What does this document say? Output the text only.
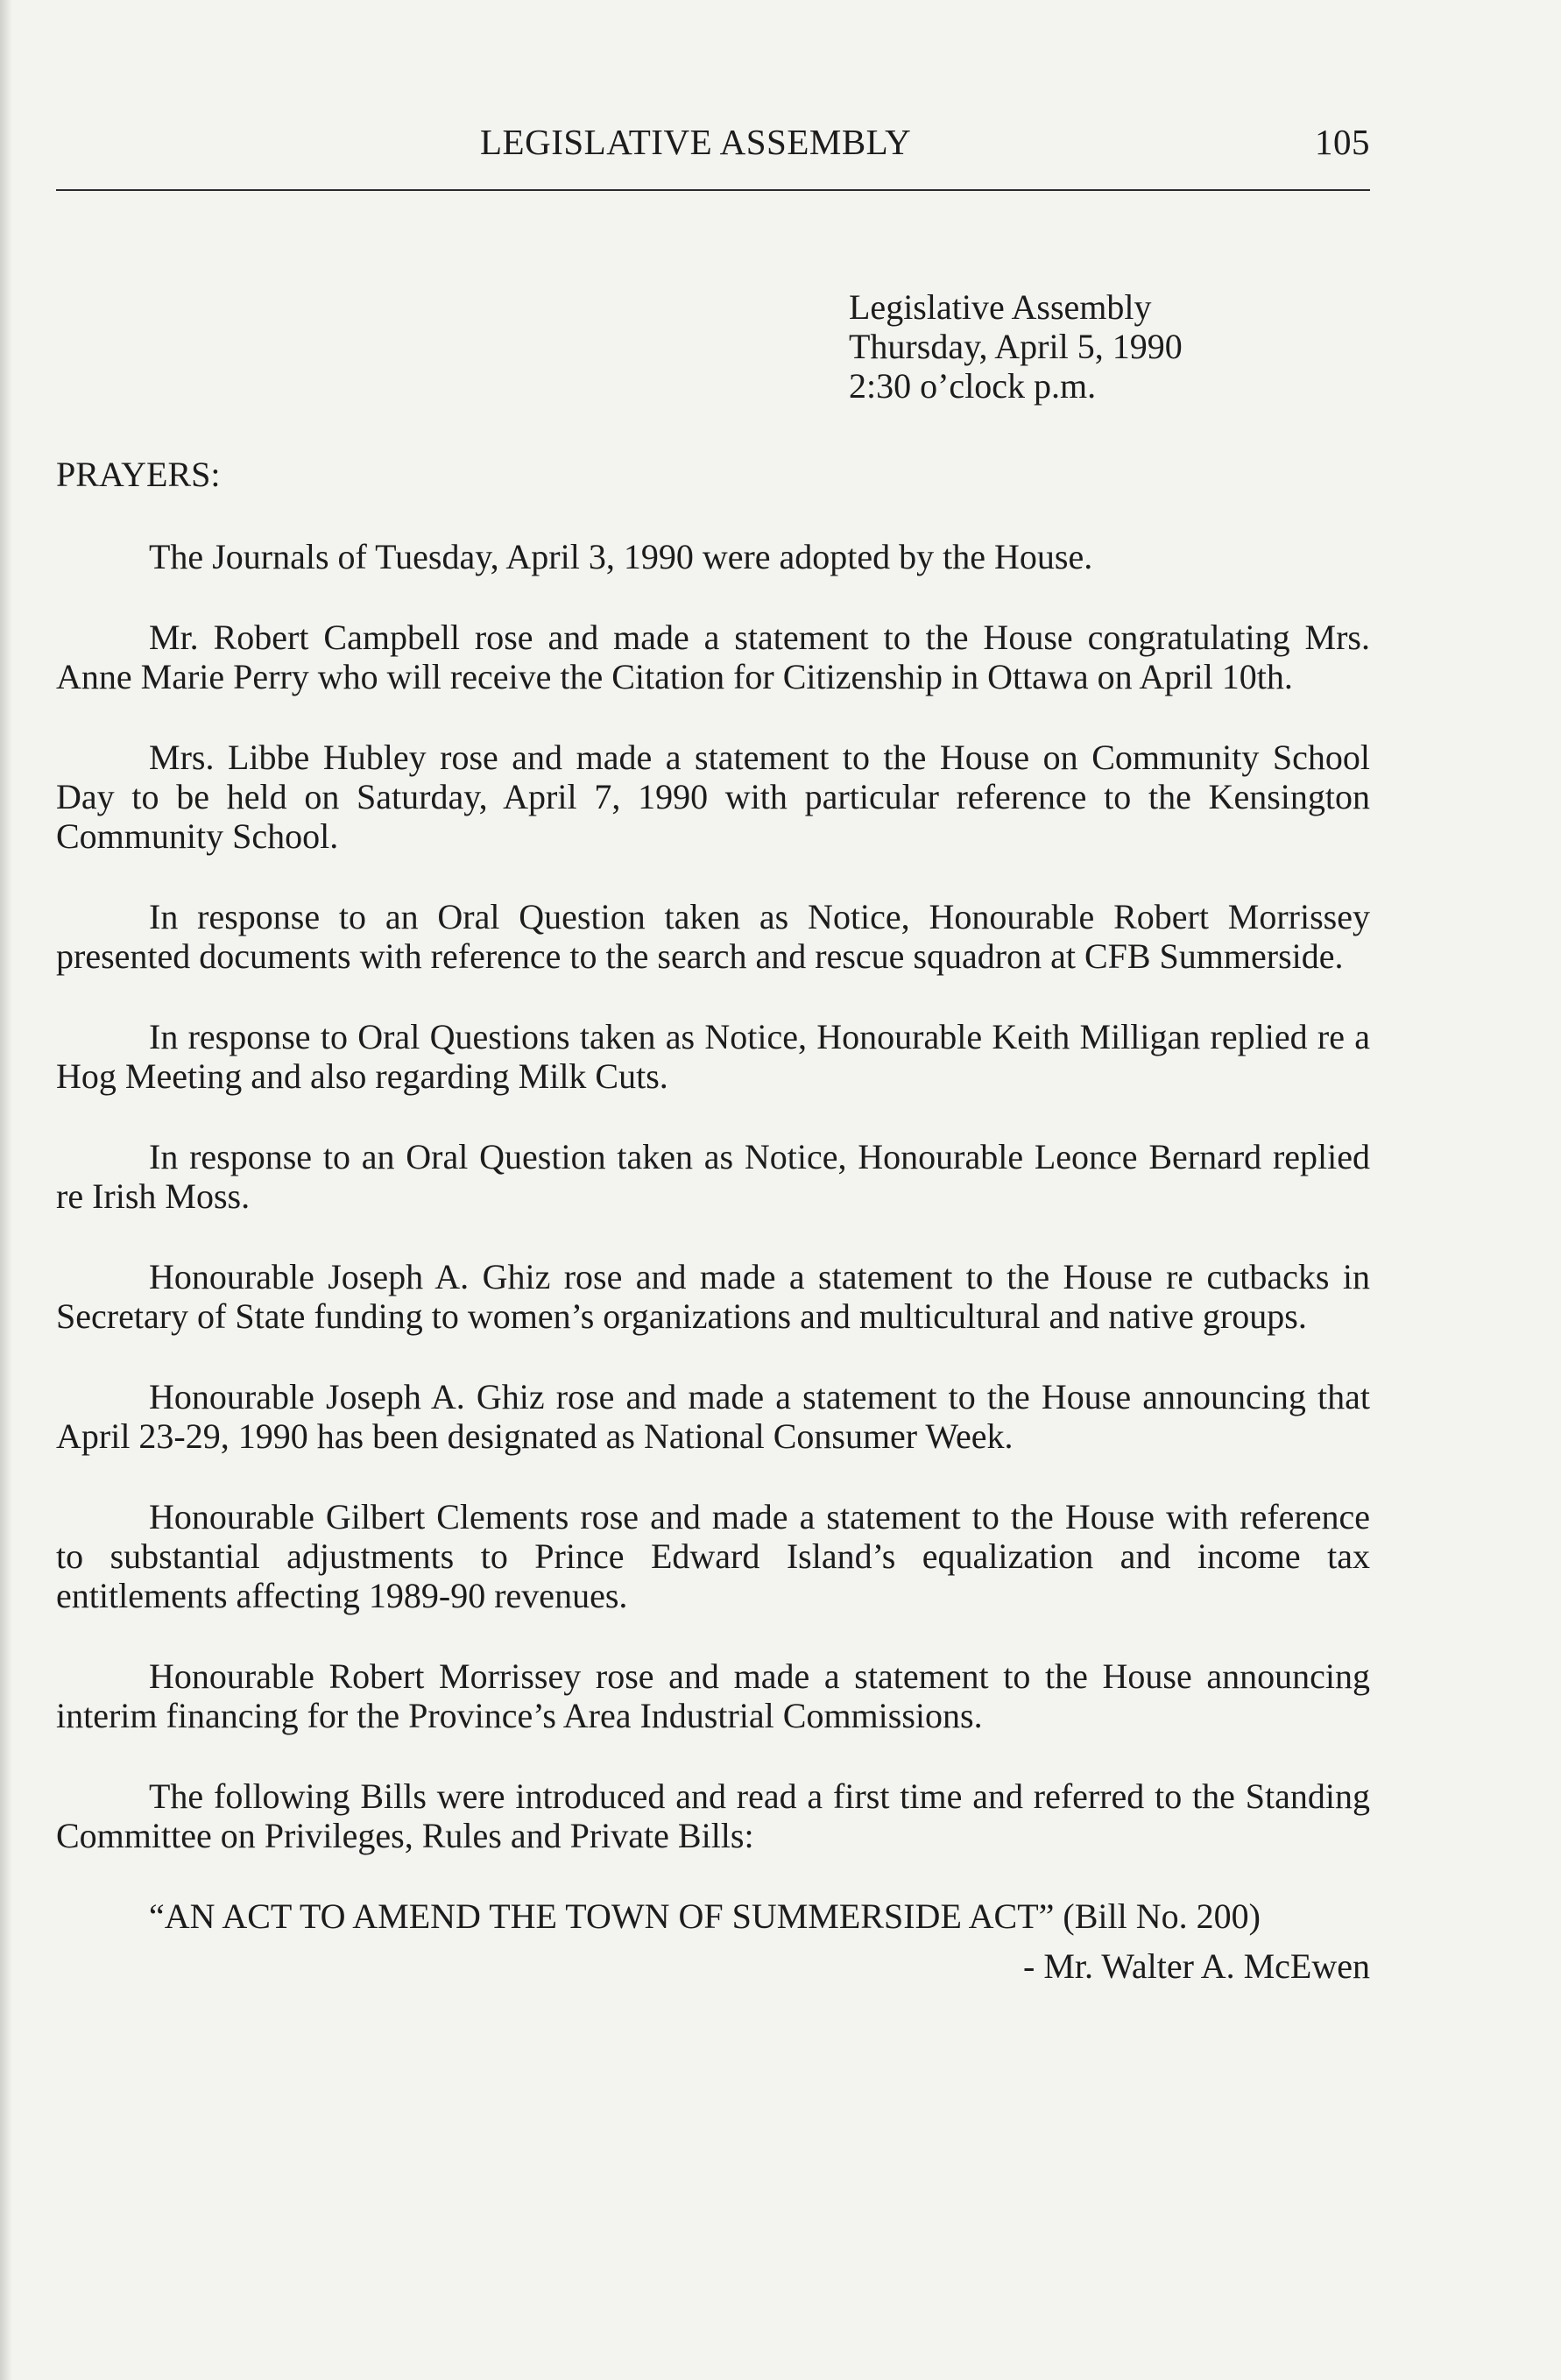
LEGISLATIVE ASSEMBLY	105
Legislative Assembly
Thursday, April 5, 1990
2:30 o’clock p.m.
PRAYERS:

The Journals of Tuesday, April 3, 1990 were adopted by the House.

Mr. Robert Campbell rose and made a statement to the House congratulating Mrs. Anne Marie Perry who will receive the Citation for Citizenship in Ottawa on April 10th.

Mrs. Libbe Hubley rose and made a statement to the House on Community School Day to be held on Saturday, April 7, 1990 with particular reference to the Kensington Community School.

In response to an Oral Question taken as Notice, Honourable Robert Morrissey presented documents with reference to the search and rescue squadron at CFB Summerside.

In response to Oral Questions taken as Notice, Honourable Keith Milligan replied re a Hog Meeting and also regarding Milk Cuts.

In response to an Oral Question taken as Notice, Honourable Leonce Bernard replied re Irish Moss.

Honourable Joseph A. Ghiz rose and made a statement to the House re cutbacks in Secretary of State funding to women’s organizations and multicultural and native groups.

Honourable Joseph A. Ghiz rose and made a statement to the House announcing that April 23-29, 1990 has been designated as National Consumer Week.

Honourable Gilbert Clements rose and made a statement to the House with reference to substantial adjustments to Prince Edward Island’s equalization and income tax entitlements affecting 1989-90 revenues.

Honourable Robert Morrissey rose and made a statement to the House announcing interim financing for the Province’s Area Industrial Commissions.

The following Bills were introduced and read a first time and referred to the Standing Committee on Privileges, Rules and Private Bills:

“AN ACT TO AMEND THE TOWN OF SUMMERSIDE ACT” (Bill No. 200)
- Mr. Walter A. McEwen
